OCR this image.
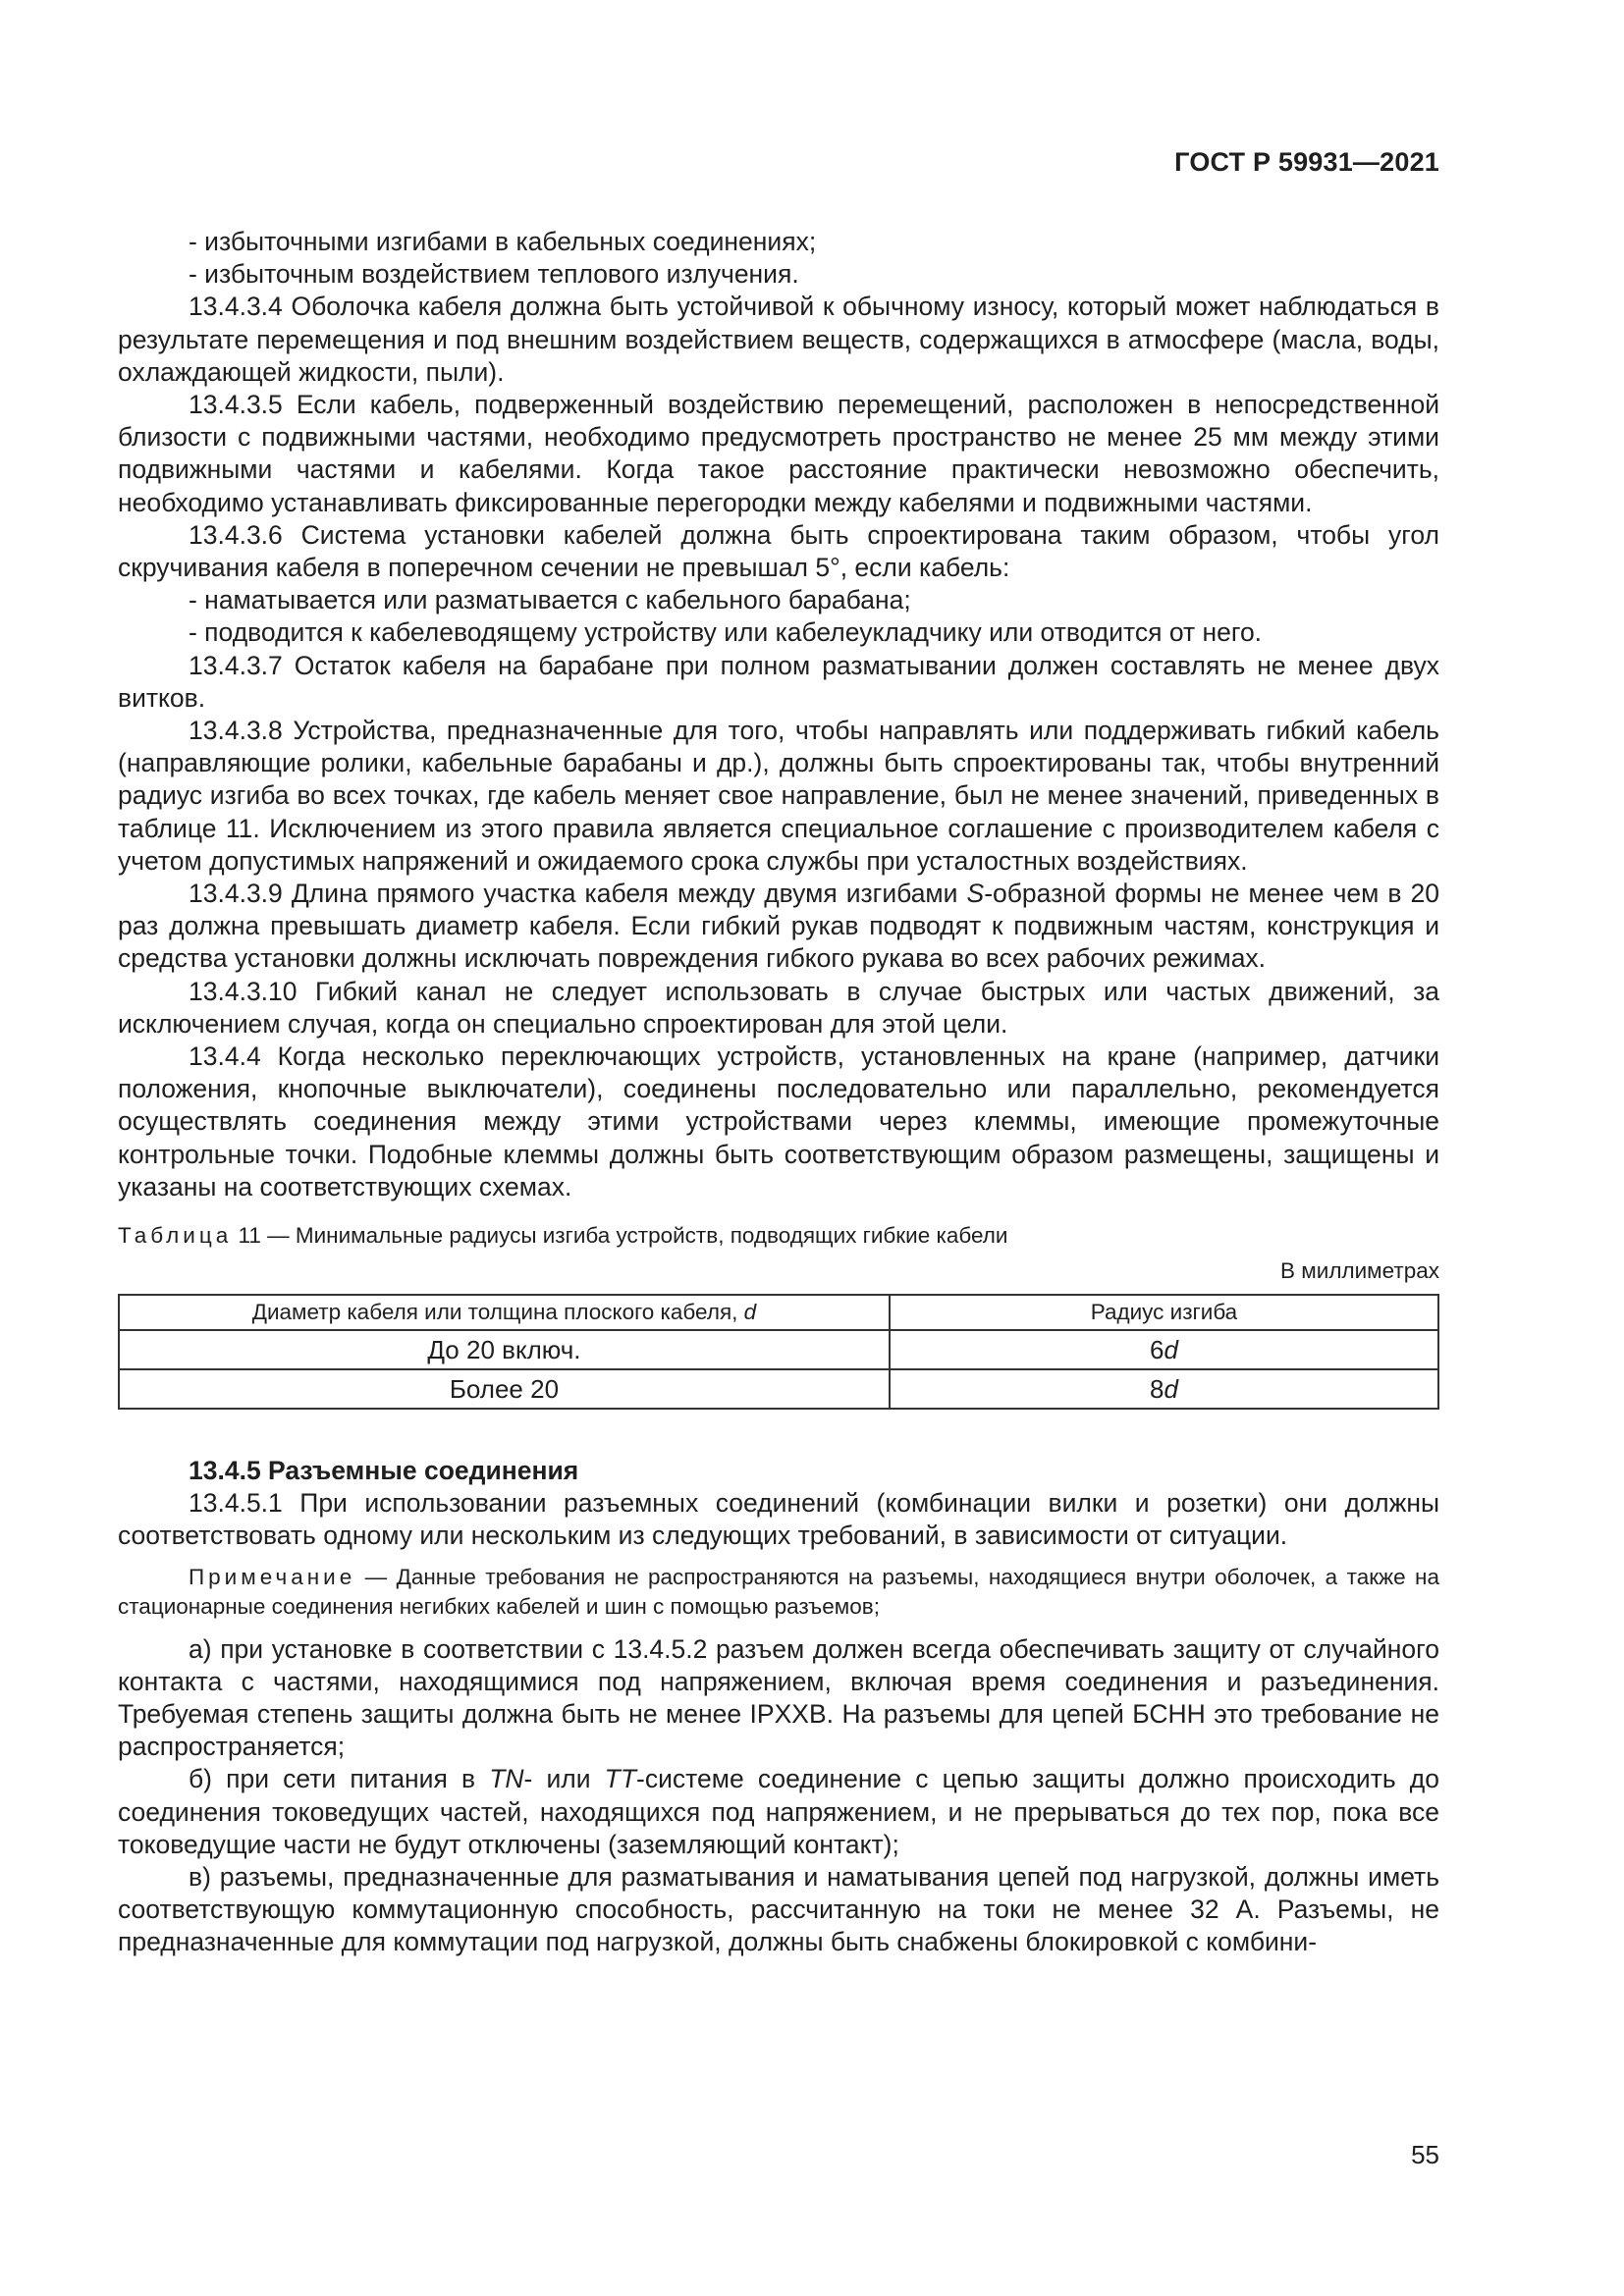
ГОСТ Р 59931—2021

- избыточными изгибами в кабельных соединениях;

- избыточным воздействием теплового излучения.

13.4.3.4 Оболочка кабеля должна быть устойчивой к обычному износу, который может наблюдаться в результате перемещения и под внешним воздействием веществ, содержащихся в атмосфере (масла, воды, охлаждающей жидкости, пыли).

13.4.3.5 Если кабель, подверженный воздействию перемещений, расположен в непосредственной близости с подвижными частями, необходимо предусмотреть пространство не менее 25 мм между этими подвижными частями и кабелями. Когда такое расстояние практически невозможно обеспечить, необходимо устанавливать фиксированные перегородки между кабелями и подвижными частями.

13.4.3.6 Система установки кабелей должна быть спроектирована таким образом, чтобы угол скручивания кабеля в поперечном сечении не превышал 5°, если кабель:

- наматывается или разматывается с кабельного барабана;

- подводится к кабелеводящему устройству или кабелеукладчику или отводится от него.

13.4.3.7 Остаток кабеля на барабане при полном разматывании должен составлять не менее двух витков.

13.4.3.8 Устройства, предназначенные для того, чтобы направлять или поддерживать гибкий кабель (направляющие ролики, кабельные барабаны и др.), должны быть спроектированы так, чтобы внутренний радиус изгиба во всех точках, где кабель меняет свое направление, был не менее значений, приведенных в таблице 11. Исключением из этого правила является специальное соглашение с производителем кабеля с учетом допустимых напряжений и ожидаемого срока службы при усталостных воздействиях.

13.4.3.9 Длина прямого участка кабеля между двумя изгибами S-образной формы не менее чем в 20 раз должна превышать диаметр кабеля. Если гибкий рукав подводят к подвижным частям, конструкция и средства установки должны исключать повреждения гибкого рукава во всех рабочих режимах.

13.4.3.10 Гибкий канал не следует использовать в случае быстрых или частых движений, за исключением случая, когда он специально спроектирован для этой цели.

13.4.4 Когда несколько переключающих устройств, установленных на кране (например, датчики положения, кнопочные выключатели), соединены последовательно или параллельно, рекомендуется осуществлять соединения между этими устройствами через клеммы, имеющие промежуточные контрольные точки. Подобные клеммы должны быть соответствующим образом размещены, защищены и указаны на соответствующих схемах.

Таблица 11 — Минимальные радиусы изгиба устройств, подводящих гибкие кабели

В миллиметрах

Диаметр кабеля или толщина плоского кабеля, d	Радиус изгиба
До 20 включ.	6d
Более 20	8d
13.4.5 Разъемные соединения

13.4.5.1 При использовании разъемных соединений (комбинации вилки и розетки) они должны соответствовать одному или нескольким из следующих требований, в зависимости от ситуации.

Примечание — Данные требования не распространяются на разъемы, находящиеся внутри оболочек, а также на стационарные соединения негибких кабелей и шин с помощью разъемов;

а) при установке в соответствии с 13.4.5.2 разъем должен всегда обеспечивать защиту от случайного контакта с частями, находящимися под напряжением, включая время соединения и разъединения. Требуемая степень защиты должна быть не менее IPXXB. На разъемы для цепей БСНН это требование не распространяется;

б) при сети питания в TN- или TT-системе соединение с цепью защиты должно происходить до соединения токоведущих частей, находящихся под напряжением, и не прерываться до тех пор, пока все токоведущие части не будут отключены (заземляющий контакт);

в) разъемы, предназначенные для разматывания и наматывания цепей под нагрузкой, должны иметь соответствующую коммутационную способность, рассчитанную на токи не менее 32 А. Разъемы, не предназначенные для коммутации под нагрузкой, должны быть снабжены блокировкой с комбини-

55
